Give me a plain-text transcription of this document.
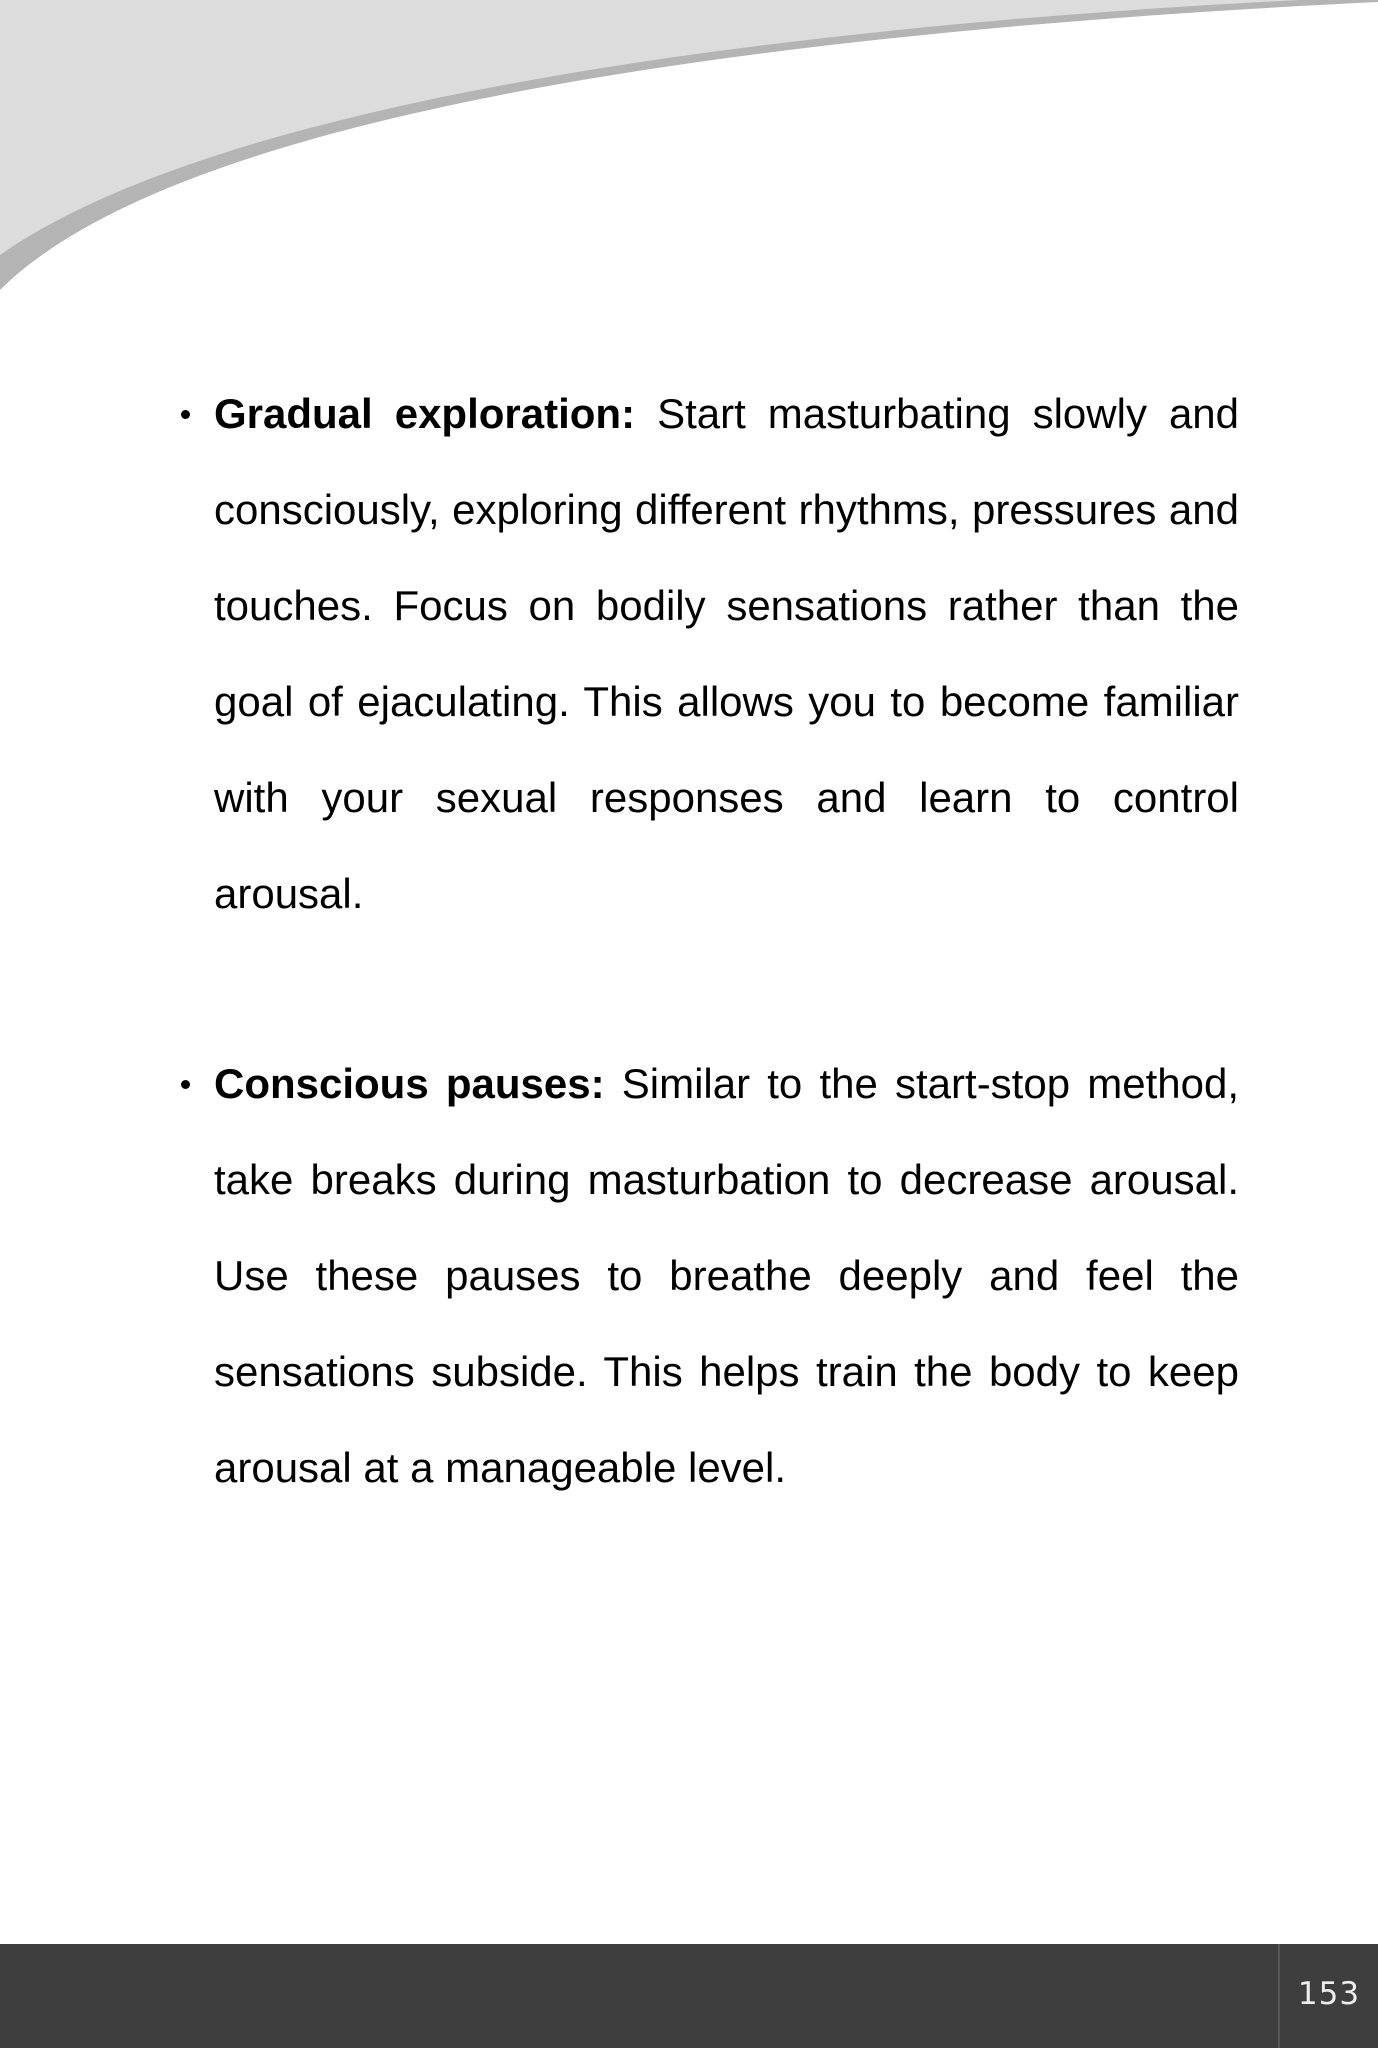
Gradual exploration: Start masturbating slowly and consciously, exploring different rhythms, pressures and touches. Focus on bodily sensations rather than the goal of ejaculating. This allows you to become familiar with your sexual responses and learn to control arousal.
Conscious pauses: Similar to the start-stop method, take breaks during masturbation to decrease arousal. Use these pauses to breathe deeply and feel the sensations subside. This helps train the body to keep arousal at a manageable level.
153
